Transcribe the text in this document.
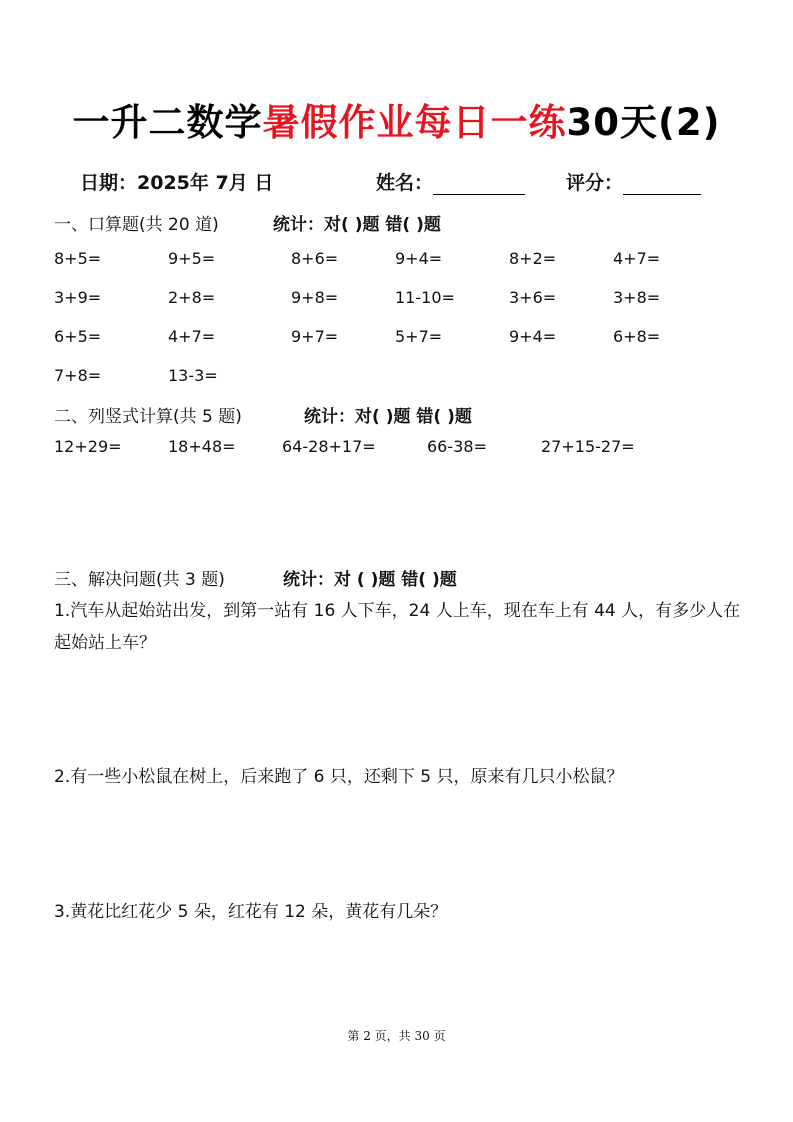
一升二数学暑假作业每日一练30天(2)
日期：2025年 7月 日	姓名：	评分：
一、口算题(共 20 道)	统计：对( )题 错( )题
8+5=	9+5=	8+6=	9+4=	8+2=	4+7=
3+9=	2+8=	9+8=	11-10=	3+6=	3+8=
6+5=	4+7=	9+7=	5+7=	9+4=	6+8=
7+8=	13-3=
二、列竖式计算(共 5 题)	统计：对( )题 错( )题
12+29=	18+48=	64-28+17=	66-38=	27+15-27=
三、解决问题(共 3 题)	统计：对 ( )题 错( )题
1.汽车从起始站出发，到第一站有 16 人下车，24 人上车，现在车上有 44 人，有多少人在起始站上车？
2.有一些小松鼠在树上，后来跑了 6 只，还剩下 5 只，原来有几只小松鼠？
3.黄花比红花少 5 朵，红花有 12 朵，黄花有几朵？
第 2 页，共 30 页
